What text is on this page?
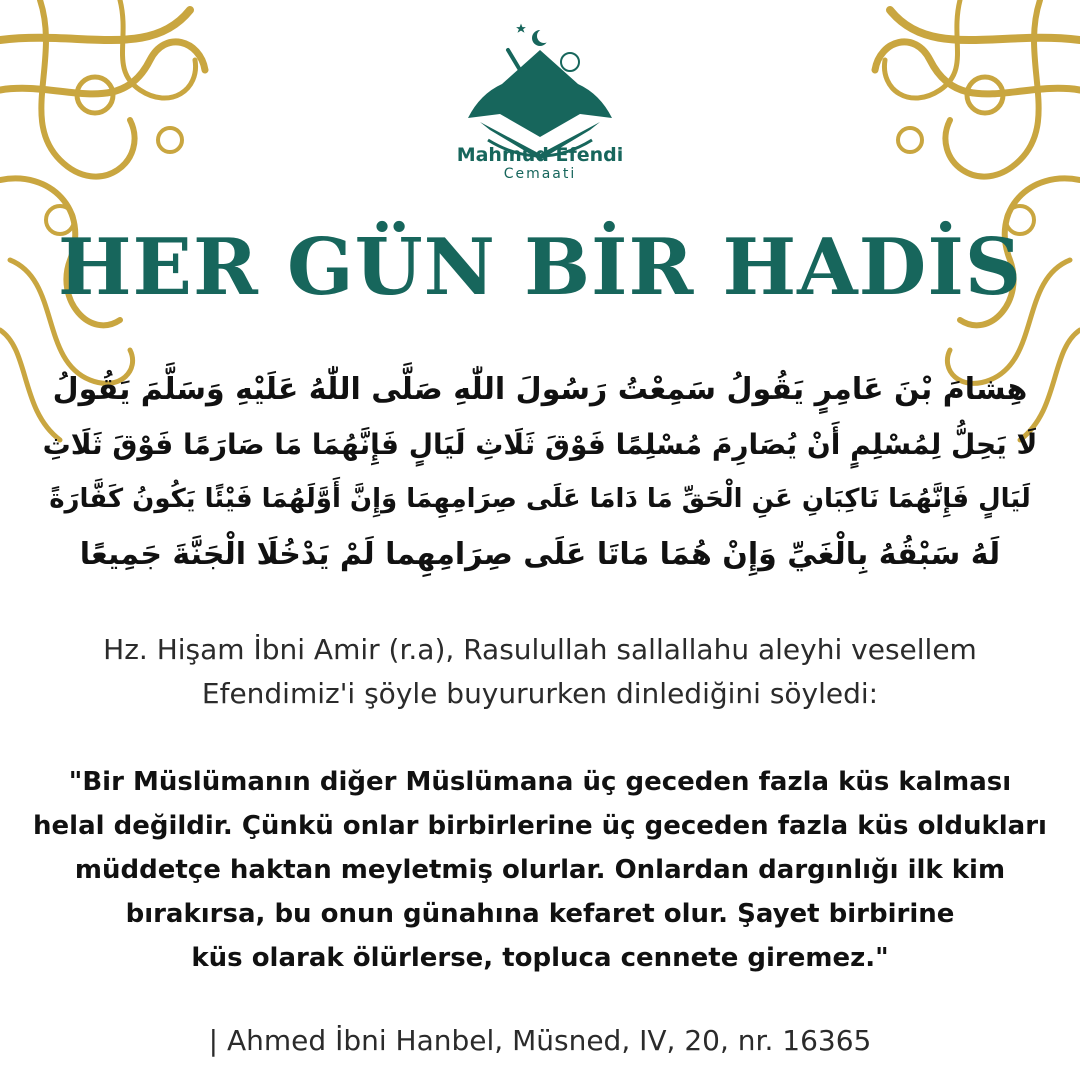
Mahmud Efendi
Cemaati
HER GÜN BİR HADİS
هِشامَ بْنَ عَامِرٍ يَقُولُ سَمِعْتُ رَسُولَ اللّٰهِ صَلَّى اللّٰهُ عَلَيْهِ وَسَلَّمَ يَقُولُ
لَا يَحِلُّ لِمُسْلِمٍ أَنْ يُصَارِمَ مُسْلِمًا فَوْقَ ثَلَاثِ لَيَالٍ فَإِنَّهُمَا مَا صَارَمًا فَوْقَ ثَلَاثِ
لَيَالٍ فَإِنَّهُمَا نَاكِبَانِ عَنِ الْحَقِّ مَا دَامَا عَلَى صِرَامِهِمَا وَإِنَّ أَوَّلَهُمَا فَيْئًا يَكُونُ كَفَّارَةً
لَهُ سَبْقُهُ بِالْغَيِّ وَإِنْ هُمَا مَاتَا عَلَى صِرَامِهِما لَمْ يَدْخُلَا الْجَنَّةَ جَمِيعًا
Hz. Hişam İbni Amir (r.a), Rasulullah sallallahu aleyhi vesellem
Efendimiz'i şöyle buyururken dinlediğini söyledi:
"Bir Müslümanın diğer Müslümana üç geceden fazla küs kalması
helal değildir. Çünkü onlar birbirlerine üç geceden fazla küs oldukları
müddetçe haktan meyletmiş olurlar. Onlardan dargınlığı ilk kim
bırakırsa, bu onun günahına kefaret olur. Şayet birbirine
küs olarak ölürlerse, topluca cennete giremez."
| Ahmed İbni Hanbel, Müsned, IV, 20, nr. 16365
